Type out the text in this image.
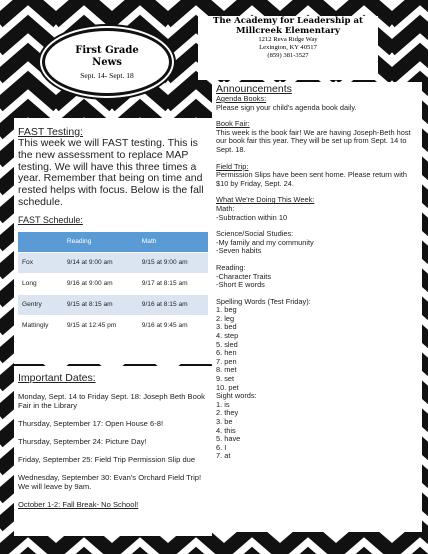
The Academy for Leadership at Millcreek Elementary
1212 Reva Ridge Way
Lexington, KY 40517
(859) 381-3527
First Grade
News
Sept. 14- Sept. 18
Announcements
Agenda Books:
Please sign your child's agenda book daily.
Book Fair:
This week is the book fair! We are having Joseph-Beth host our book fair this year. They will be set up from Sept. 14 to Sept. 18.
Field Trip:
Permission Slips have been sent home. Please return with $10 by Friday, Sept. 24.
What We're Doing This Week:
Math:
-Subtraction within 10
Science/Social Studies:
-My family and my community
-Seven habits
Reading:
-Character Traits
-Short E words
Spelling Words (Test Friday):
1. beg
2. leg
3. bed
4. step
5. sled
6. hen
7. pen
8. met
9. set
10. pet
Sight words:
1. is
2. they
3. be
4. this
5. have
6. I
7. at
FAST Testing:
This week we will FAST testing. This is the new assessment to replace MAP testing. We will have this three times a year. Remember that being on time and rested helps with focus. Below is the fall schedule.
FAST Schedule:
	Reading	Math
Fox	9/14 at 9:00 am	9/15 at 9:00 am
Long	9/16 at 9:00 am	9/17 at 8:15 am
Gentry	9/15 at 8:15 am	9/16 at 8:15 am
Mattingly	9/15 at 12:45 pm	9/16 at 9:45 am
Important Dates:
Monday, Sept. 14 to Friday Sept. 18: Joseph Beth Book Fair in the Library
Thursday, September 17: Open House 6-8!
Thursday, September 24: Picture Day!
Friday, September 25: Field Trip Permission Slip due
Wednesday, September 30: Evan's Orchard Field Trip! We will leave by 9am.
October 1-2: Fall Break- No School!
